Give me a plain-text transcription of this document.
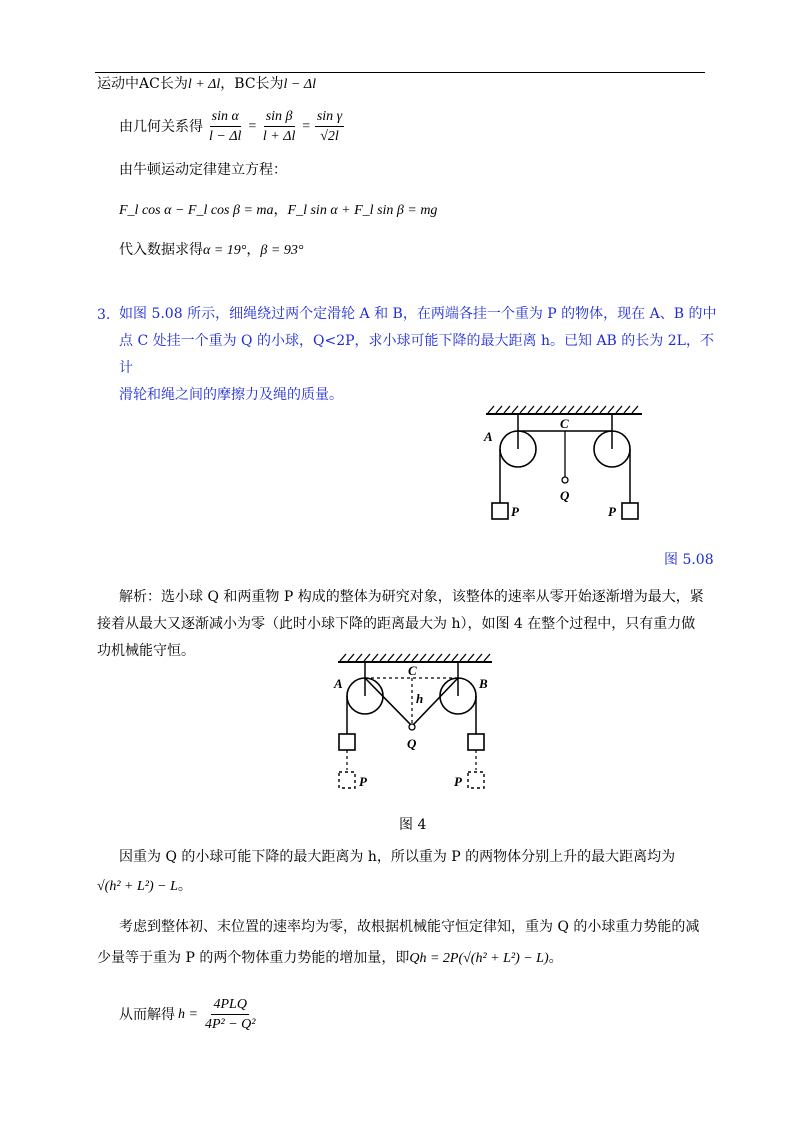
运动中AC长为l + Δl，BC长为l − Δl
由几何关系得 $\frac{\text{sin α}}{l - \Delta l} = \frac{\text{sin β}}{l + \Delta l} = \frac{\text{sin γ}}{√2l}$
由牛顿运动定律建立方程：
F_l cos α − F_l cos β = ma，F_l sin α + F_l sin β = mg
代入数据求得α = 19°，β = 93°
3. 如图 5.08 所示，细绳绕过两个定滑轮 A 和 B，在两端各挂一个重为 P 的物体，现在 A、B 的中
点 C 处挂一个重为 Q 的小球，Q<2P，求小球可能下降的最大距离 h。已知 AB 的长为 2L，不计
滑轮和绳之间的摩擦力及绳的质量。
A
C
Q
P	P
图 5.08
解析：选小球 Q 和两重物 P 构成的整体为研究对象，该整体的速率从零开始逐渐增为最大，紧
接着从最大又逐渐减小为零（此时小球下降的距离最大为 h），如图 4 在整个过程中，只有重力做
功机械能守恒。
A	B
C
h
Q
P	P
图 4
因重为 Q 的小球可能下降的最大距离为 h，所以重为 P 的两物体分别上升的最大距离均为
√(h² + L²) − L。
考虑到整体初、末位置的速率均为零，故根据机械能守恒定律知，重为 Q 的小球重力势能的减
少量等于重为 P 的两个物体重力势能的增加量，即Qh = 2P(√(h² + L²) − L)。
从而解得 $h = \frac{\text{4PLQ}}{\text{4P² − Q²}}$
